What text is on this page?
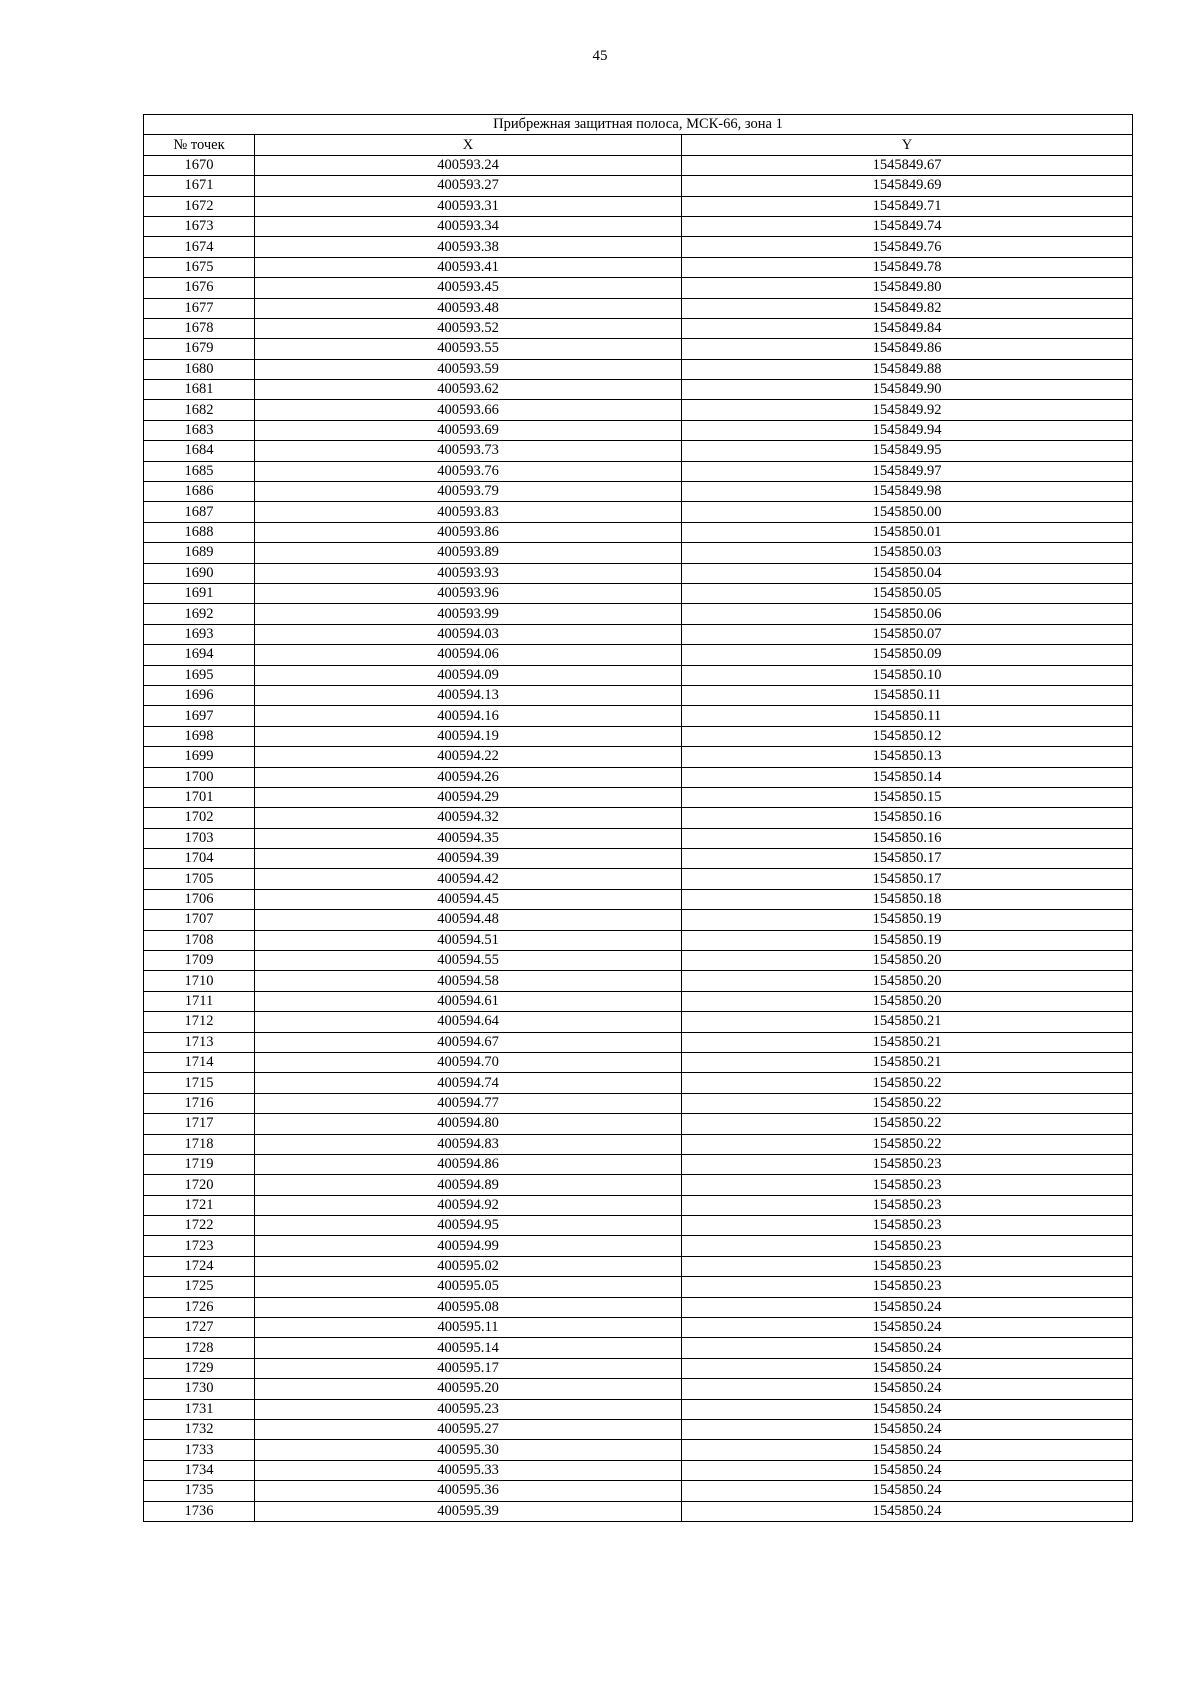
45
Прибрежная защитная полоса, МСК-66, зона 1		
№ точек	X	Y
1670	400593.24	1545849.67
1671	400593.27	1545849.69
1672	400593.31	1545849.71
1673	400593.34	1545849.74
1674	400593.38	1545849.76
1675	400593.41	1545849.78
1676	400593.45	1545849.80
1677	400593.48	1545849.82
1678	400593.52	1545849.84
1679	400593.55	1545849.86
1680	400593.59	1545849.88
1681	400593.62	1545849.90
1682	400593.66	1545849.92
1683	400593.69	1545849.94
1684	400593.73	1545849.95
1685	400593.76	1545849.97
1686	400593.79	1545849.98
1687	400593.83	1545850.00
1688	400593.86	1545850.01
1689	400593.89	1545850.03
1690	400593.93	1545850.04
1691	400593.96	1545850.05
1692	400593.99	1545850.06
1693	400594.03	1545850.07
1694	400594.06	1545850.09
1695	400594.09	1545850.10
1696	400594.13	1545850.11
1697	400594.16	1545850.11
1698	400594.19	1545850.12
1699	400594.22	1545850.13
1700	400594.26	1545850.14
1701	400594.29	1545850.15
1702	400594.32	1545850.16
1703	400594.35	1545850.16
1704	400594.39	1545850.17
1705	400594.42	1545850.17
1706	400594.45	1545850.18
1707	400594.48	1545850.19
1708	400594.51	1545850.19
1709	400594.55	1545850.20
1710	400594.58	1545850.20
1711	400594.61	1545850.20
1712	400594.64	1545850.21
1713	400594.67	1545850.21
1714	400594.70	1545850.21
1715	400594.74	1545850.22
1716	400594.77	1545850.22
1717	400594.80	1545850.22
1718	400594.83	1545850.22
1719	400594.86	1545850.23
1720	400594.89	1545850.23
1721	400594.92	1545850.23
1722	400594.95	1545850.23
1723	400594.99	1545850.23
1724	400595.02	1545850.23
1725	400595.05	1545850.23
1726	400595.08	1545850.24
1727	400595.11	1545850.24
1728	400595.14	1545850.24
1729	400595.17	1545850.24
1730	400595.20	1545850.24
1731	400595.23	1545850.24
1732	400595.27	1545850.24
1733	400595.30	1545850.24
1734	400595.33	1545850.24
1735	400595.36	1545850.24
1736	400595.39	1545850.24
